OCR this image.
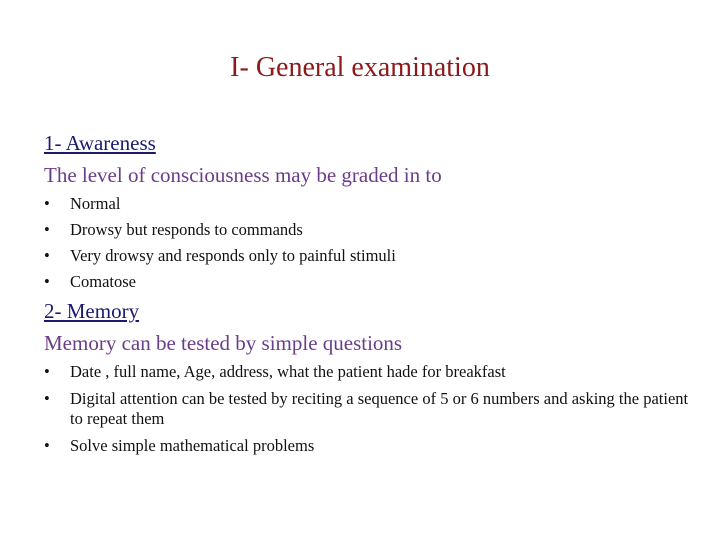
I- General examination
1- Awareness
The level of consciousness may be graded in to
•	Normal
•	Drowsy but responds to commands
•	Very drowsy and responds only to painful stimuli
•	Comatose
2- Memory
Memory can be tested by simple questions
•	Date , full name, Age, address, what the patient hade for breakfast
•	Digital attention can be tested by reciting a sequence of 5 or 6 numbers and asking the patient to repeat them
•	Solve simple mathematical problems
